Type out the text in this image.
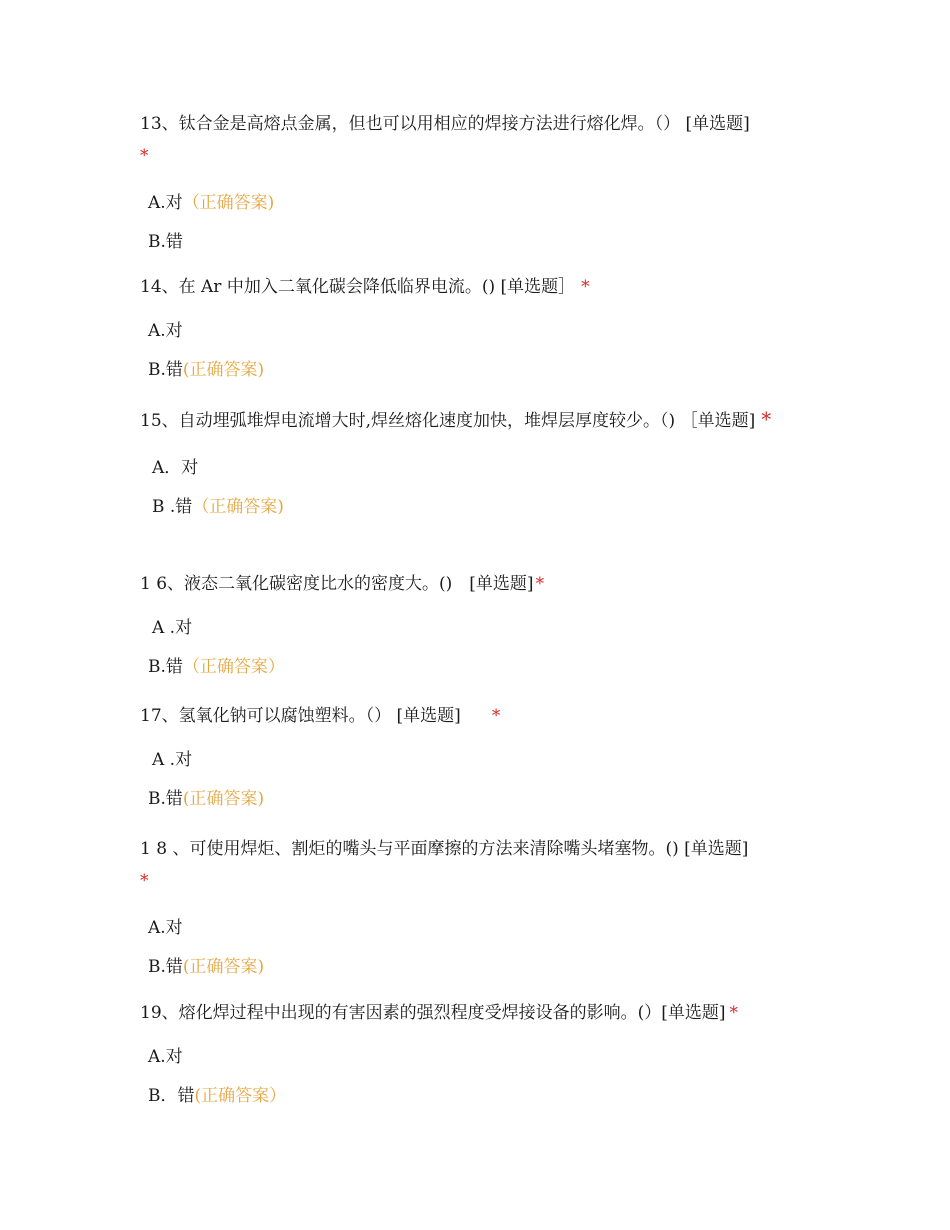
13、钛合金是高熔点金属，但也可以用相应的焊接方法进行熔化焊。（） [单选题]
*

A.对（正确答案)
B.错

14、在 Ar 中加入二氧化碳会降低临界电流。() [单选题］ *

A.对
B.错(正确答案)

15、自动埋弧堆焊电流增大时,焊丝熔化速度加快，堆焊层厚度较少。（) ［单选题] *

A．对
B .错（正确答案)

1 6、液态二氧化碳密度比水的密度大。()　[单选题] *

A .对
B.错（正确答案）

17、氢氧化钠可以腐蚀塑料。（） [单选题]　*

A .对
B.错(正确答案)

1 8 、可使用焊炬、割炬的嘴头与平面摩擦的方法来清除嘴头堵塞物。() [单选题]
*

A.对
B.错(正确答案)

19、熔化焊过程中出现的有害因素的强烈程度受焊接设备的影响。(）[单选题] *

A.对
B．错(正确答案）
